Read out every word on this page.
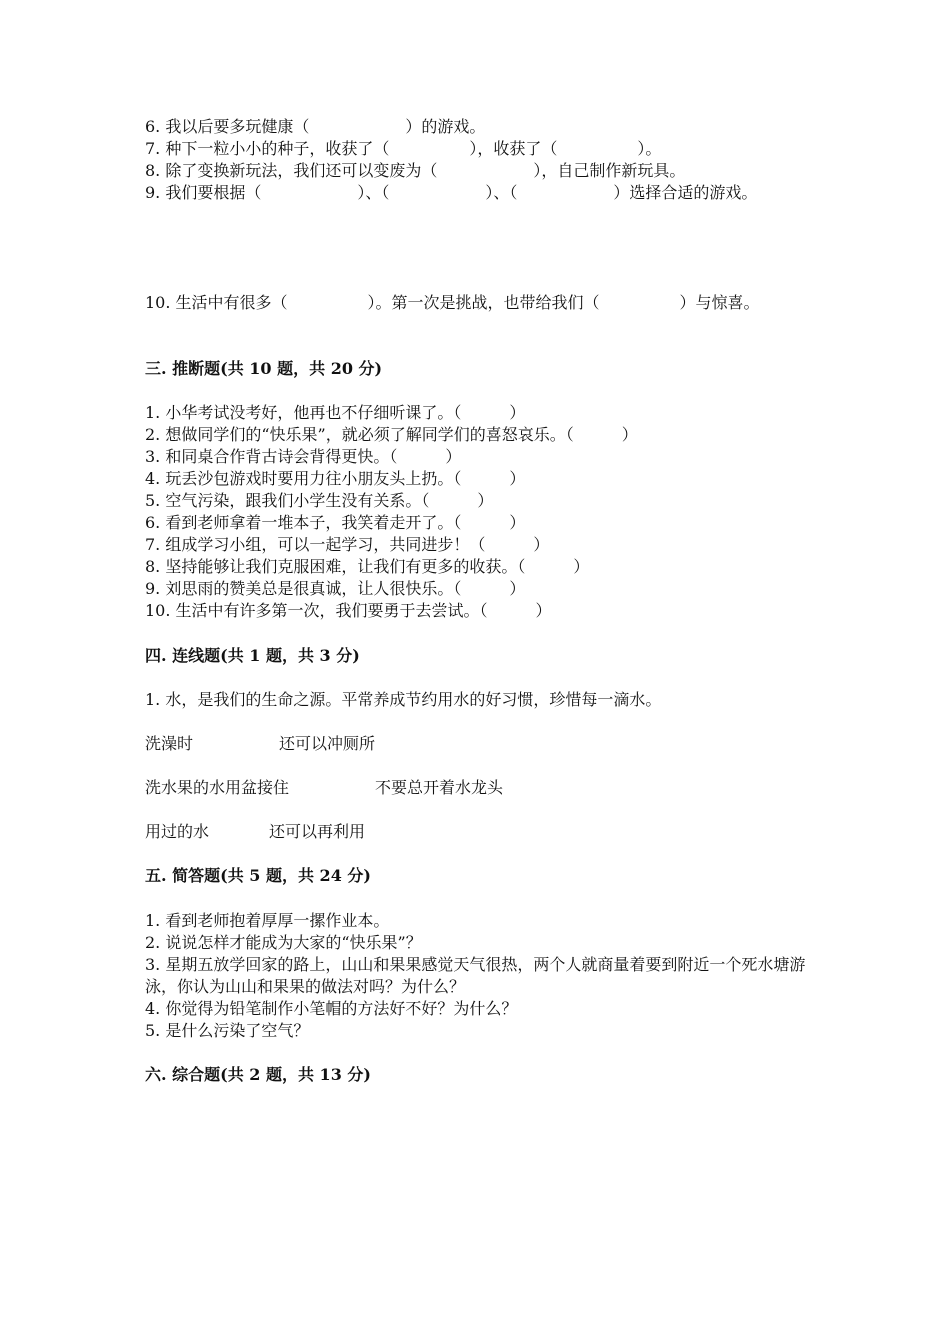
6. 我以后要多玩健康（　　　　　　）的游戏。
7. 种下一粒小小的种子，收获了（　　　　　），收获了（　　　　　）。
8. 除了变换新玩法，我们还可以变废为（　　　　　　），自己制作新玩具。
9. 我们要根据（　　　　　　）、（　　　　　　）、（　　　　　　）选择合适的游戏。
10. 生活中有很多（　　　　　）。第一次是挑战，也带给我们（　　　　　）与惊喜。
三. 推断题(共 10 题，共 20 分)
1. 小华考试没考好，他再也不仔细听课了。（　　　）
2. 想做同学们的“快乐果”，就必须了解同学们的喜怒哀乐。（　　　）
3. 和同桌合作背古诗会背得更快。（　　　）
4. 玩丢沙包游戏时要用力往小朋友头上扔。（　　　）
5. 空气污染，跟我们小学生没有关系。（　　　）
6. 看到老师拿着一堆本子，我笑着走开了。（　　　）
7. 组成学习小组，可以一起学习，共同进步！（　　　）
8. 坚持能够让我们克服困难，让我们有更多的收获。（　　　）
9. 刘思雨的赞美总是很真诚，让人很快乐。（　　　）
10. 生活中有许多第一次，我们要勇于去尝试。（　　　）
四. 连线题(共 1 题，共 3 分)
1. 水，是我们的生命之源。平常养成节约用水的好习惯，珍惜每一滴水。
洗澡时	还可以冲厕所
洗水果的水用盆接住	不要总开着水龙头
用过的水	还可以再利用
五. 简答题(共 5 题，共 24 分)
1. 看到老师抱着厚厚一摞作业本。
2. 说说怎样才能成为大家的“快乐果”？
3. 星期五放学回家的路上，山山和果果感觉天气很热，两个人就商量着要到附近一个死水塘游泳，你认为山山和果果的做法对吗？为什么？
4. 你觉得为铅笔制作小笔帽的方法好不好？为什么？
5. 是什么污染了空气？
六. 综合题(共 2 题，共 13 分)
